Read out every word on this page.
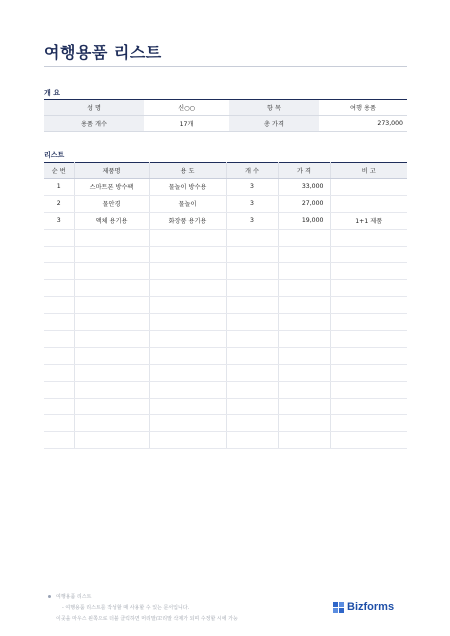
여행용품 리스트
개 요
성 명	신○○	항 목	여행 용품
용품 개수	17개	총 가격	273,000
리스트
순 번	제품명	용 도	개 수	가 격	비 고
1	스마트폰 방수팩	물놀이 방수용	3	33,000	
2	물안경	물놀이	3	27,000	
3	액체 용기용	화장품 용기용	3	19,000	1+1 제품

여행용품 리스트
- 여행용품 리스트를 작성할 때 사용할 수 있는 문서입니다.
이곳을 마우스 왼쪽으로 더블 클릭하면 머리말/꼬리말 삭제가 되며 수정할 시에 가능
Bizforms
